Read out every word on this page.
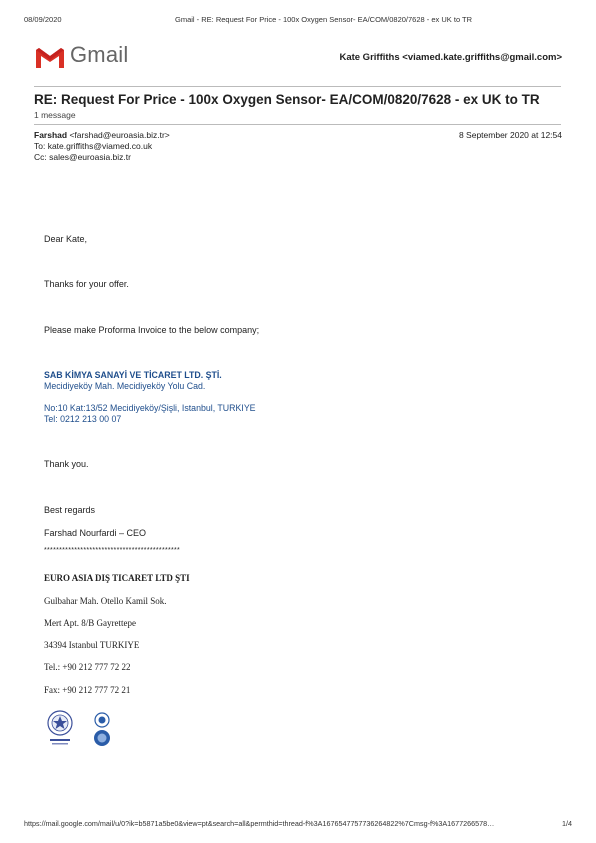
08/09/2020	Gmail - RE: Request For Price - 100x Oxygen Sensor- EA/COM/0820/7628 - ex UK to TR
Gmail	Kate Griffiths <viamed.kate.griffiths@gmail.com>
RE: Request For Price - 100x Oxygen Sensor- EA/COM/0820/7628 - ex UK to TR
1 message
Farshad <farshad@euroasia.biz.tr>	8 September 2020 at 12:54
To: kate.griffiths@viamed.co.uk
Cc: sales@euroasia.biz.tr
Dear Kate,
Thanks for your offer.
Please make Proforma Invoice to the below company;
SAB KİMYA SANAYİ VE TİCARET LTD. ŞTİ.
Mecidiyeköy Mah. Mecidiyeköy Yolu Cad.
No:10 Kat:13/52 Mecidiyeköy/Şişli, Istanbul, TURKIYE
Tel: 0212 213 00 07
Thank you.
Best regards
Farshad Nourfardi – CEO
*********************************************
EURO ASIA DIŞ TICARET LTD ŞTI
Gulbahar Mah. Otello Kamil Sok.
Mert Apt. 8/B Gayrettepe
34394 Istanbul TURKIYE
Tel.: +90 212 777 72 22
Fax: +90 212 777 72 21
https://mail.google.com/mail/u/0?ik=b5871a5be0&view=pt&search=all&permthid=thread-f%3A1676547757736264822%7Cmsg-f%3A1677266578…	1/4
